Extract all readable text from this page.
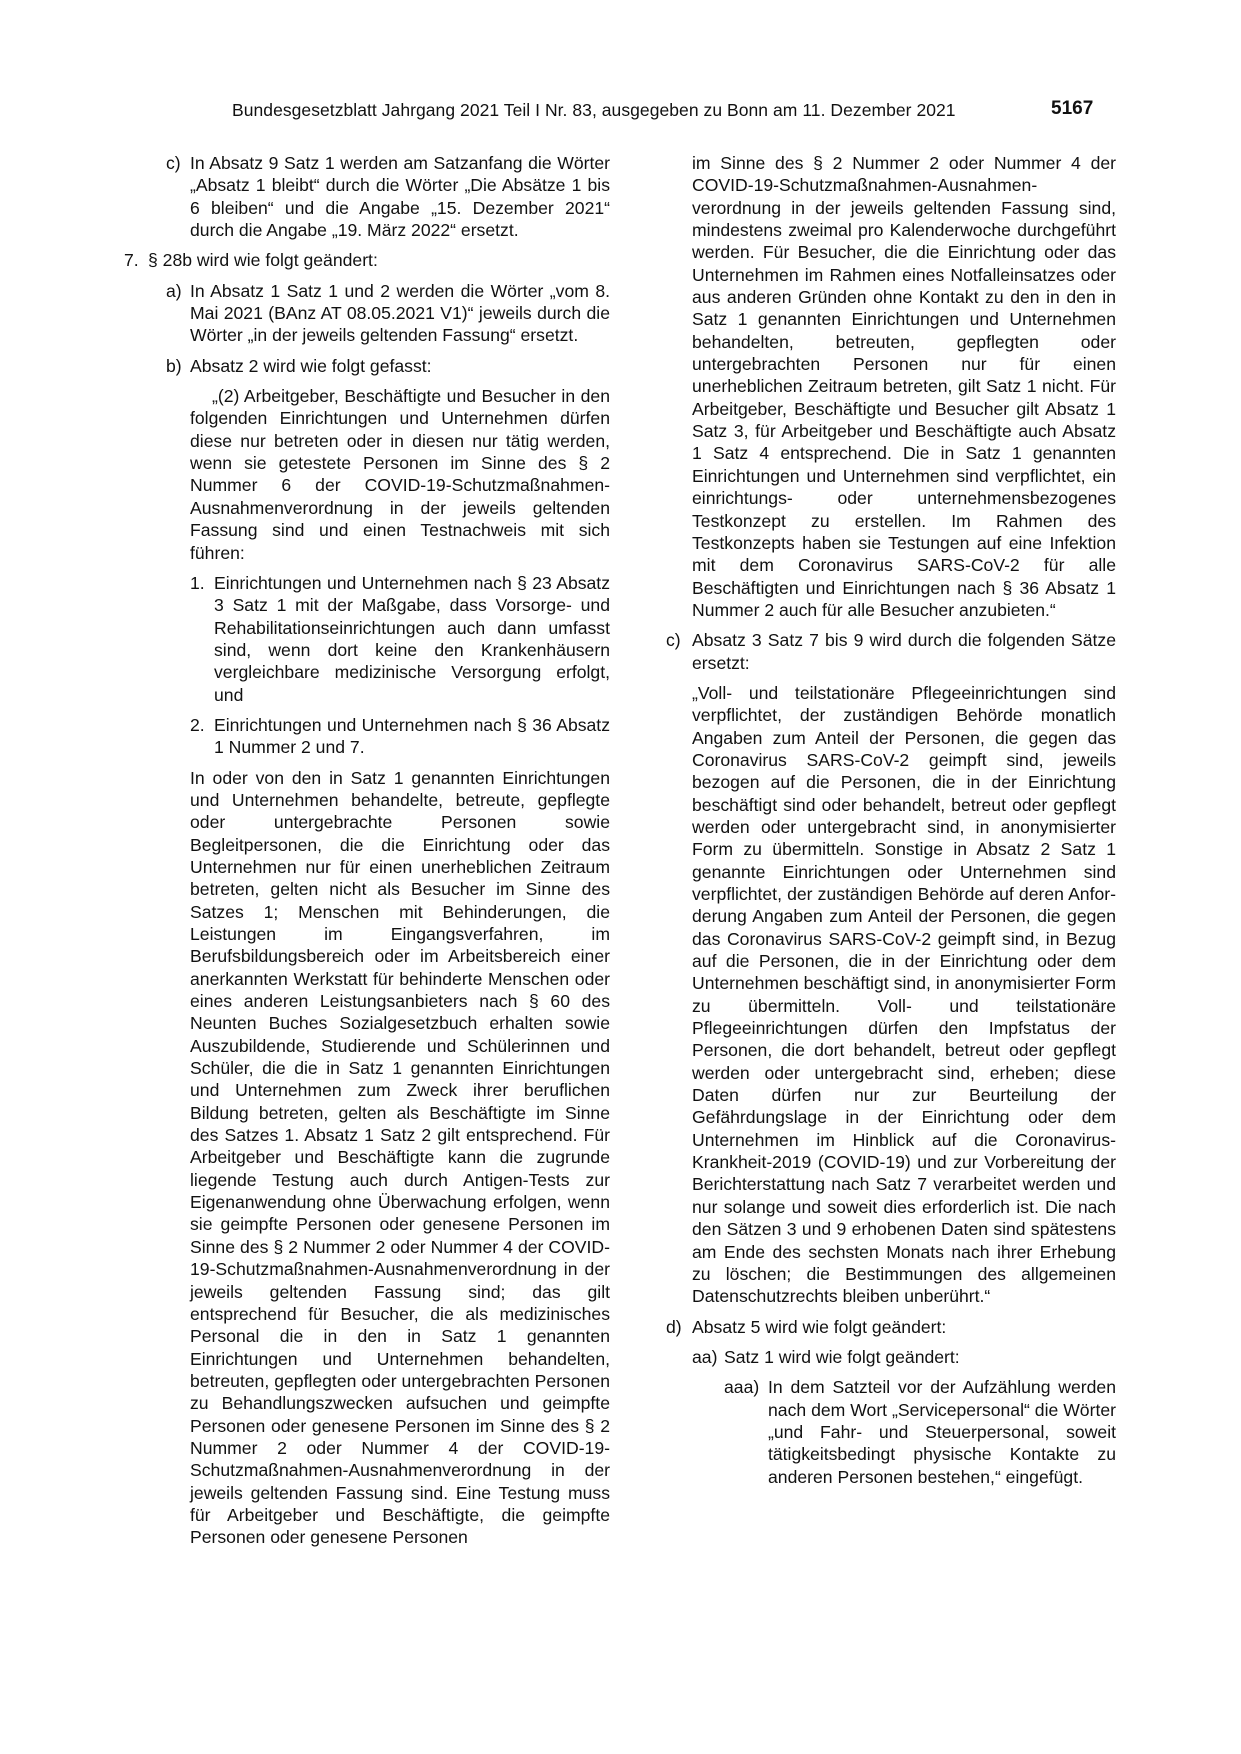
Bundesgesetzblatt Jahrgang 2021 Teil I Nr. 83, ausgegeben zu Bonn am 11. Dezember 2021	5167
c) In Absatz 9 Satz 1 werden am Satzanfang die Wörter „Absatz 1 bleibt“ durch die Wörter „Die Absätze 1 bis 6 bleiben“ und die Angabe „15. Dezember 2021“ durch die Angabe „19. März 2022“ ersetzt.
7. § 28b wird wie folgt geändert:
a) In Absatz 1 Satz 1 und 2 werden die Wörter „vom 8. Mai 2021 (BAnz AT 08.05.2021 V1)“ jeweils durch die Wörter „in der jeweils geltenden Fassung“ ersetzt.
b) Absatz 2 wird wie folgt gefasst:

„(2) Arbeitgeber, Beschäftigte und Besucher in den folgenden Einrichtungen und Unternehmen dürfen diese nur betreten oder in diesen nur tätig werden, wenn sie getestete Personen im Sinne des § 2 Nummer 6 der COVID-19-Schutzmaßnahmen-Ausnahmenverordnung in der jeweils geltenden Fassung sind und einen Testnachweis mit sich führen:

1. Einrichtungen und Unternehmen nach § 23 Absatz 3 Satz 1 mit der Maßgabe, dass Vorsorge- und Rehabilitationseinrichtungen auch dann umfasst sind, wenn dort keine den Krankenhäusern vergleichbare medizinische Versorgung erfolgt, und
2. Einrichtungen und Unternehmen nach § 36 Absatz 1 Nummer 2 und 7.

In oder von den in Satz 1 genannten Einrichtungen und Unternehmen behandelte, betreute, gepflegte oder untergebrachte Personen sowie Begleitpersonen, die die Einrichtung oder das Unternehmen nur für einen unerheblichen Zeitraum betreten, gelten nicht als Besucher im Sinne des Satzes 1; Menschen mit Behinderungen, die Leistungen im Eingangsverfahren, im Berufsbildungsbereich oder im Arbeitsbereich einer anerkannten Werkstatt für behinderte Menschen oder eines anderen Leistungsanbieters nach § 60 des Neunten Buches Sozialgesetzbuch erhalten sowie Auszubildende, Studierende und Schülerinnen und Schüler, die die in Satz 1 genannten Einrichtungen und Unternehmen zum Zweck ihrer beruflichen Bildung betreten, gelten als Beschäftigte im Sinne des Satzes 1. Absatz 1 Satz 2 gilt entsprechend. Für Arbeitgeber und Beschäftigte kann die zugrunde liegende Testung auch durch Antigen-Tests zur Eigenanwendung ohne Überwachung erfolgen, wenn sie geimpfte Personen oder genesene Personen im Sinne des § 2 Nummer 2 oder Nummer 4 der COVID-19-Schutzmaßnahmen-Ausnahmenverordnung in der jeweils geltenden Fassung sind; das gilt entsprechend für Besucher, die als medizinisches Personal die in den in Satz 1 genannten Einrichtungen und Unternehmen behandelten, betreuten, gepflegten oder untergebrachten Personen zu Behandlungszwecken aufsuchen und geimpfte Personen oder genesene Personen im Sinne des § 2 Nummer 2 oder Nummer 4 der COVID-19-Schutzmaßnahmen-Ausnahmenverordnung in der jeweils geltenden Fassung sind. Eine Testung muss für Arbeitgeber und Beschäftigte, die geimpfte Personen oder genesene Personen

im Sinne des § 2 Nummer 2 oder Nummer 4 der COVID-19-Schutzmaßnahmen-Ausnahmenverordnung in der jeweils geltenden Fassung sind, mindestens zweimal pro Kalenderwoche durchgeführt werden. Für Besucher, die die Einrichtung oder das Unternehmen im Rahmen eines Notfalleinsatzes oder aus anderen Gründen ohne Kontakt zu den in den in Satz 1 genannten Einrichtungen und Unternehmen behandelten, betreuten, gepflegten oder untergebrachten Personen nur für einen unerheblichen Zeitraum betreten, gilt Satz 1 nicht. Für Arbeitgeber, Beschäftigte und Besucher gilt Absatz 1 Satz 3, für Arbeitgeber und Beschäftigte auch Absatz 1 Satz 4 entsprechend. Die in Satz 1 genannten Einrichtungen und Unternehmen sind verpflichtet, ein einrichtungs- oder unternehmensbezogenes Testkonzept zu erstellen. Im Rahmen des Testkonzepts haben sie Testungen auf eine Infektion mit dem Coronavirus SARS-CoV-2 für alle Beschäftigten und Einrichtungen nach § 36 Absatz 1 Nummer 2 auch für alle Besucher anzubieten.“

c) Absatz 3 Satz 7 bis 9 wird durch die folgenden Sätze ersetzt:

„Voll- und teilstationäre Pflegeeinrichtungen sind verpflichtet, der zuständigen Behörde monatlich Angaben zum Anteil der Personen, die gegen das Coronavirus SARS-CoV-2 geimpft sind, jeweils bezogen auf die Personen, die in der Einrichtung beschäftigt sind oder behandelt, betreut oder gepflegt werden oder untergebracht sind, in anonymisierter Form zu übermitteln. Sonstige in Absatz 2 Satz 1 genannte Einrichtungen oder Unternehmen sind verpflichtet, der zuständigen Behörde auf deren Anforderung Angaben zum Anteil der Personen, die gegen das Coronavirus SARS-CoV-2 geimpft sind, in Bezug auf die Personen, die in der Einrichtung oder dem Unternehmen beschäftigt sind, in anonymisierter Form zu übermitteln. Voll- und teilstationäre Pflegeeinrichtungen dürfen den Impfstatus der Personen, die dort behandelt, betreut oder gepflegt werden oder untergebracht sind, erheben; diese Daten dürfen nur zur Beurteilung der Gefährdungslage in der Einrichtung oder dem Unternehmen im Hinblick auf die Coronavirus-Krankheit-2019 (COVID-19) und zur Vorbereitung der Berichterstattung nach Satz 7 verarbeitet werden und nur solange und soweit dies erforderlich ist. Die nach den Sätzen 3 und 9 erhobenen Daten sind spätestens am Ende des sechsten Monats nach ihrer Erhebung zu löschen; die Bestimmungen des allgemeinen Datenschutzrechts bleiben unberührt.“

d) Absatz 5 wird wie folgt geändert:
aa) Satz 1 wird wie folgt geändert:
aaa) In dem Satzteil vor der Aufzählung werden nach dem Wort „Servicepersonal“ die Wörter „und Fahr- und Steuerpersonal, soweit tätigkeitsbedingt physische Kontakte zu anderen Personen bestehen,“ eingefügt.
